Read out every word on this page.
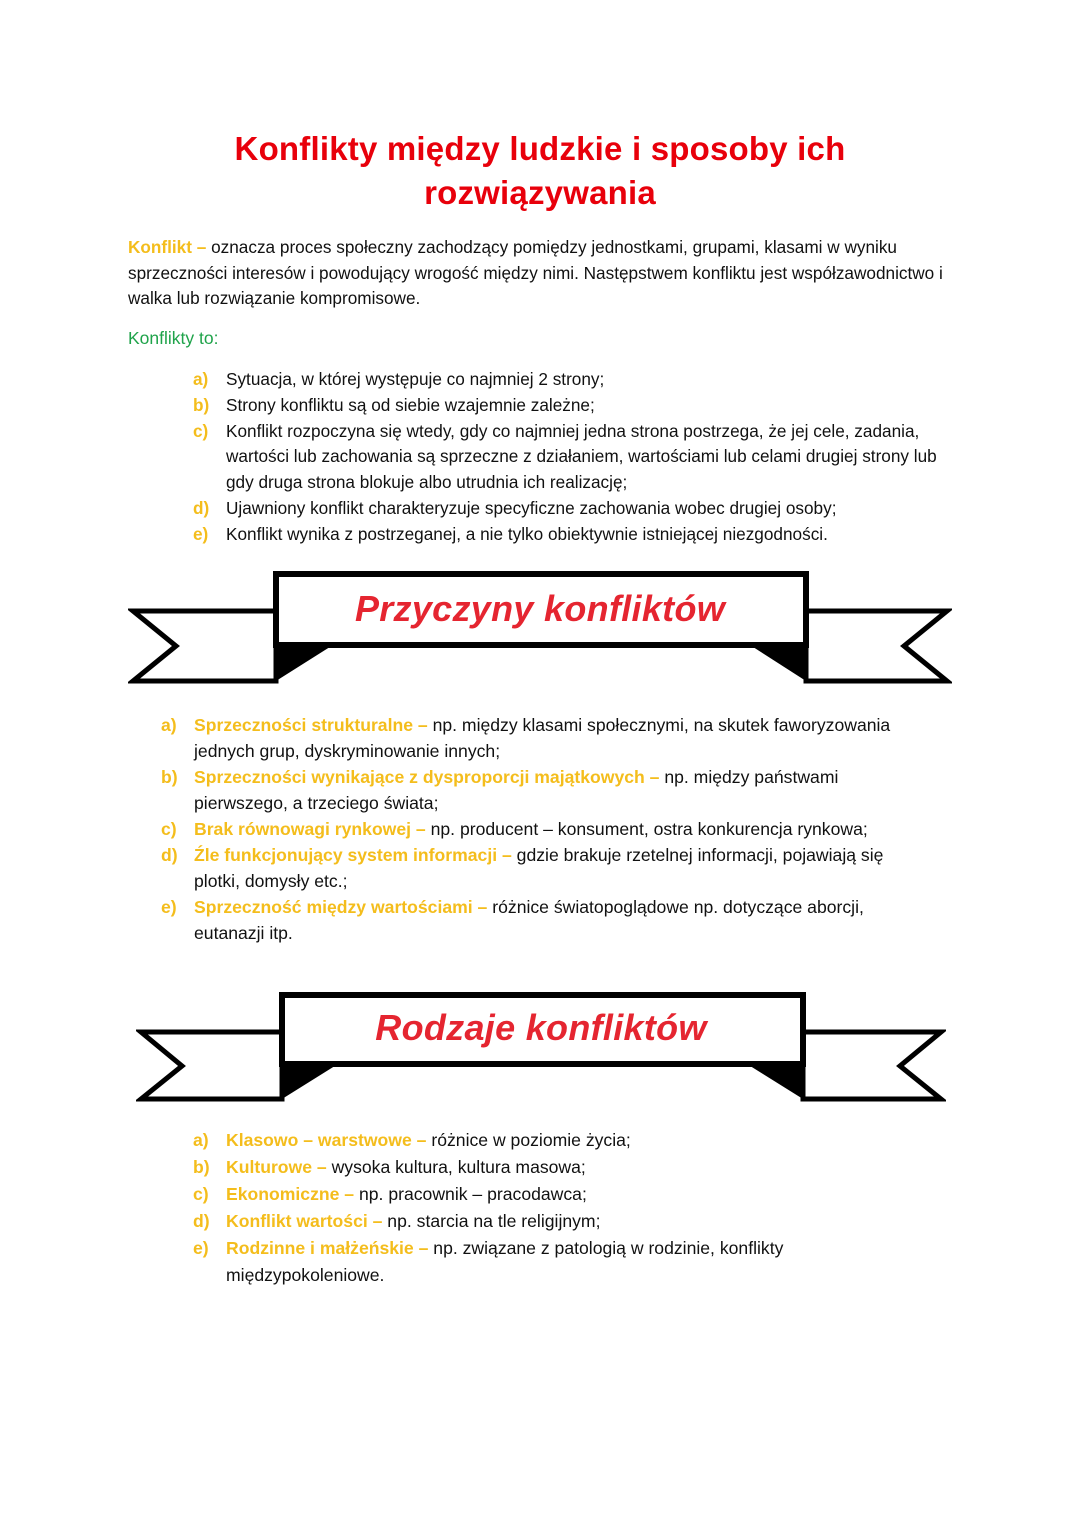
Konflikty między ludzkie i sposoby ich
rozwiązywania

Konflikt – oznacza proces społeczny zachodzący pomiędzy jednostkami, grupami, klasami w wyniku sprzeczności interesów i powodujący wrogość między nimi. Następstwem konfliktu jest współzawodnictwo i walka lub rozwiązanie kompromisowe.

Konflikty to:
a) Sytuacja, w której występuje co najmniej 2 strony;
b) Strony konfliktu są od siebie wzajemnie zależne;
c) Konflikt rozpoczyna się wtedy, gdy co najmniej jedna strona postrzega, że jej cele, zadania, wartości lub zachowania są sprzeczne z działaniem, wartościami lub celami drugiej strony lub gdy druga strona blokuje albo utrudnia ich realizację;
d) Ujawniony konflikt charakteryzuje specyficzne zachowania wobec drugiej osoby;
e) Konflikt wynika z postrzeganej, a nie tylko obiektywnie istniejącej niezgodności.
Przyczyny konfliktów
a) Sprzeczności strukturalne – np. między klasami społecznymi, na skutek faworyzowania jednych grup, dyskryminowanie innych;
b) Sprzeczności wynikające z dysproporcji majątkowych – np. między państwami pierwszego, a trzeciego świata;
c) Brak równowagi rynkowej – np. producent – konsument, ostra konkurencja rynkowa;
d) Źle funkcjonujący system informacji – gdzie brakuje rzetelnej informacji, pojawiają się plotki, domysły etc.;
e) Sprzeczność między wartościami – różnice światopoglądowe np. dotyczące aborcji, eutanazji itp.
Rodzaje konfliktów
a) Klasowo – warstwowe – różnice w poziomie życia;
b) Kulturowe – wysoka kultura, kultura masowa;
c) Ekonomiczne – np. pracownik – pracodawca;
d) Konflikt wartości – np. starcia na tle religijnym;
e) Rodzinne i małżeńskie – np. związane z patologią w rodzinie, konflikty międzypokoleniowe.
